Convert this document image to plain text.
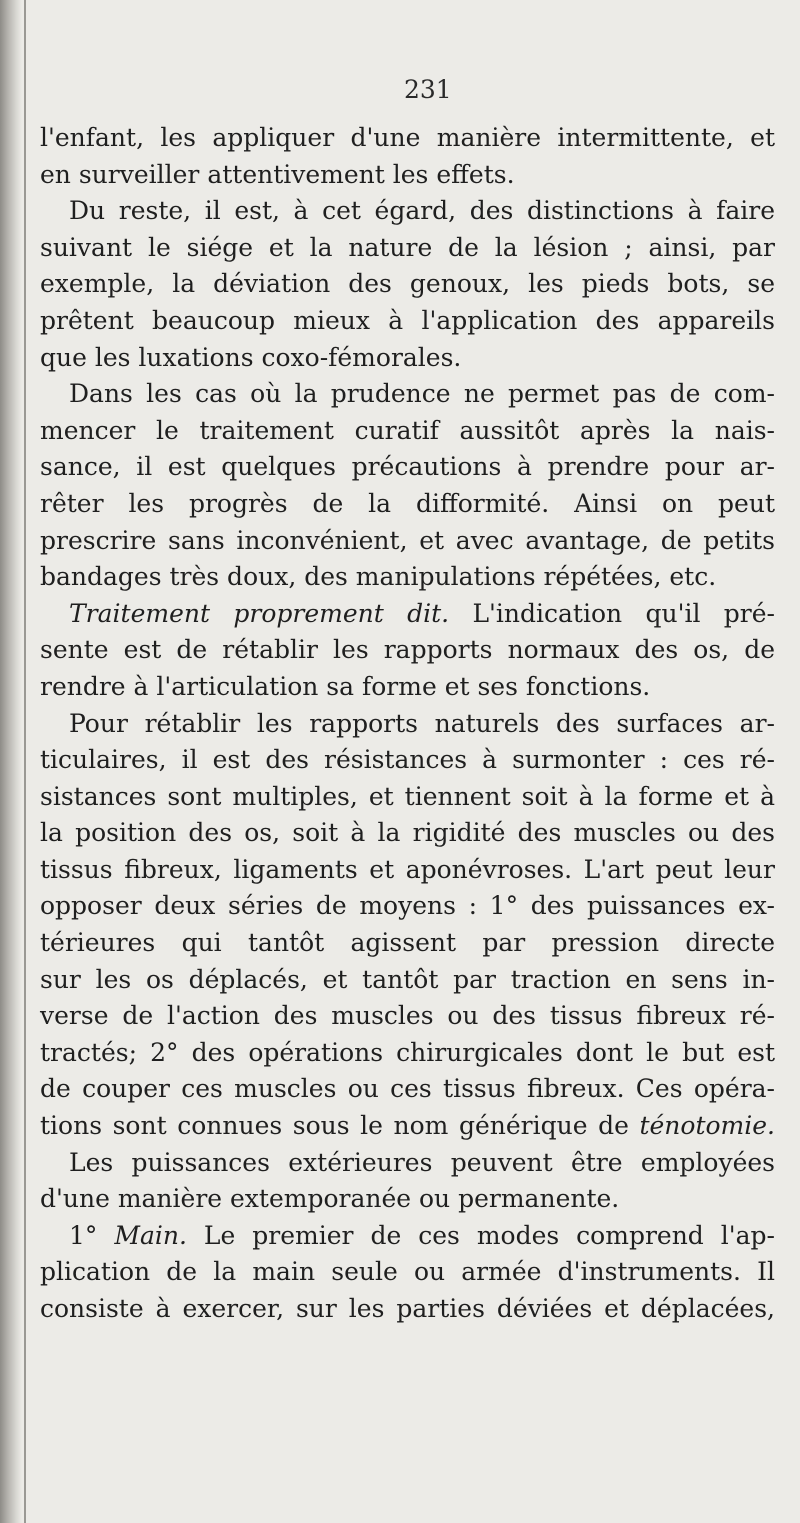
231
l'enfant, les appliquer d'une manière intermittente, et
en surveiller attentivement les effets.
Du reste, il est, à cet égard, des distinctions à faire
suivant le siége et la nature de la lésion ; ainsi, par
exemple, la déviation des genoux, les pieds bots, se
prêtent beaucoup mieux à l'application des appareils
que les luxations coxo-fémorales.
Dans les cas où la prudence ne permet pas de com-
mencer le traitement curatif aussitôt après la nais-
sance, il est quelques précautions à prendre pour ar-
rêter les progrès de la difformité. Ainsi on peut
prescrire sans inconvénient, et avec avantage, de petits
bandages très doux, des manipulations répétées, etc.
Traitement proprement dit. L'indication qu'il pré-
sente est de rétablir les rapports normaux des os, de
rendre à l'articulation sa forme et ses fonctions.
Pour rétablir les rapports naturels des surfaces ar-
ticulaires, il est des résistances à surmonter : ces ré-
sistances sont multiples, et tiennent soit à la forme et à
la position des os, soit à la rigidité des muscles ou des
tissus fibreux, ligaments et aponévroses. L'art peut leur
opposer deux séries de moyens : 1° des puissances ex-
térieures qui tantôt agissent par pression directe
sur les os déplacés, et tantôt par traction en sens in-
verse de l'action des muscles ou des tissus fibreux ré-
tractés; 2° des opérations chirurgicales dont le but est
de couper ces muscles ou ces tissus fibreux. Ces opéra-
tions sont connues sous le nom générique de ténotomie.
Les puissances extérieures peuvent être employées
d'une manière extemporanée ou permanente.
1° Main. Le premier de ces modes comprend l'ap-
plication de la main seule ou armée d'instruments. Il
consiste à exercer, sur les parties déviées et déplacées,
